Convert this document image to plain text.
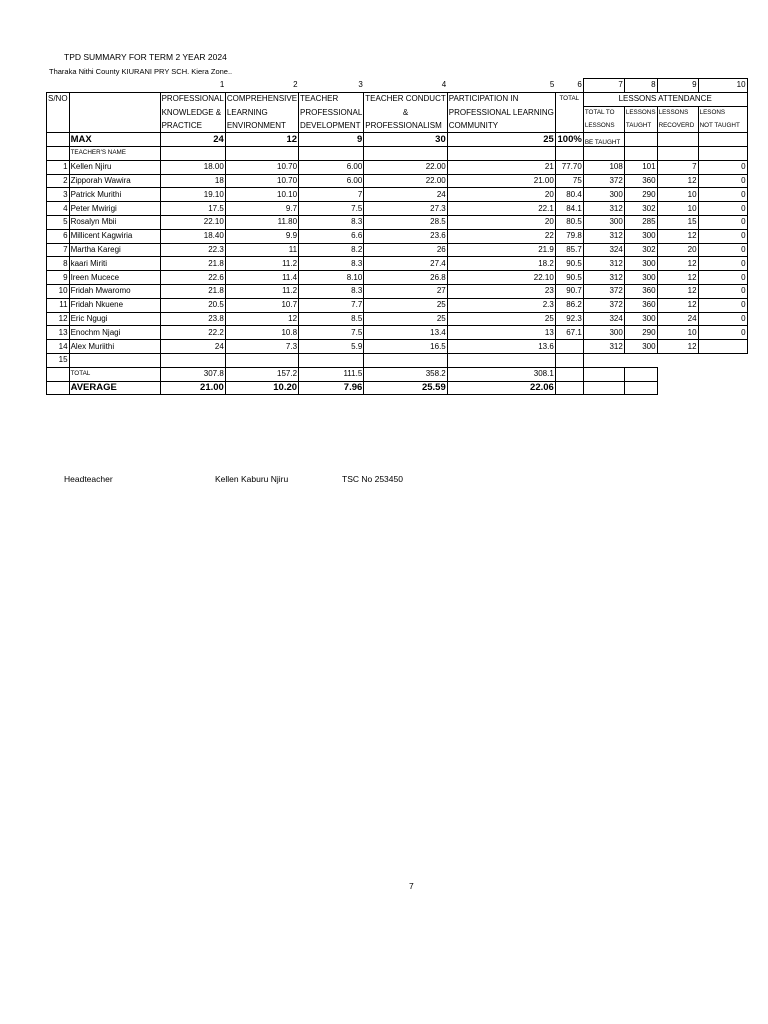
TPD SUMMARY FOR TERM 2 YEAR 2024
Tharaka Nithi County KIURANI PRY SCH. Kiera Zone..
		1	2	3	4	5	6	7	8	9	10
S/NO		PROFESSIONAL	COMPREHENSIVE	TEACHER	TEACHER CONDUCT	PARTICIPATION IN	TOTAL	LESSONS ATTENDANCE			
		KNOWLEDGE &	LEARNING	PROFESSIONAL	&	PROFESSIONAL LEARNING		TOTAL TO	LESSONS	LESSONS	LESONS
		PRACTICE	ENVIRONMENT	DEVELOPMENT	PROFESSIONALISM	COMMUNITY		LESSONS	TAUGHT	RECOVERD	NOT TAUGHT
	MAX	24	12	9	30	25	100%	BE TAUGHT			
	TEACHER'S NAME										
1	Kellen Njiru	18.00	10.70	6.00	22.00	21	77.70	108	101	7	0
2	Zipporah Wawira	18	10.70	6.00	22.00	21.00	75	372	360	12	0
3	Patrick Murithi	19.10	10.10	7	24	20	80.4	300	290	10	0
4	Peter Mwirigi	17.5	9.7	7.5	27.3	22.1	84.1	312	302	10	0
5	Rosalyn Mbii	22.10	11.80	8.3	28.5	20	80.5	300	285	15	0
6	Millicent Kagwiria	18.40	9.9	6.6	23.6	22	79.8	312	300	12	0
7	Martha Karegi	22.3	11	8.2	26	21.9	85.7	324	302	20	0
8	kaari Miriti	21.8	11.2	8.3	27.4	18.2	90.5	312	300	12	0
9	Ireen Mucece	22.6	11.4	8.10	26.8	22.10	90.5	312	300	12	0
10	Fridah Mwaromo	21.8	11.2	8.3	27	23	90.7	372	360	12	0
11	Fridah Nkuene	20.5	10.7	7.7	25	2.3	86.2	372	360	12	0
12	Eric Ngugi	23.8	12	8.5	25	25	92.3	324	300	24	0
13	Enochm Njagi	22.2	10.8	7.5	13.4	13	67.1	300	290	10	0
14	Alex Muriithi	24	7.3	5.9	16.5	13.6		312	300	12	
15											
	TOTAL	307.8	157.2	111.5	358.2	308.1					
	AVERAGE	21.00	10.20	7.96	25.59	22.06					
Headteacher	Kellen Kaburu Njiru	TSC No 253450
7
